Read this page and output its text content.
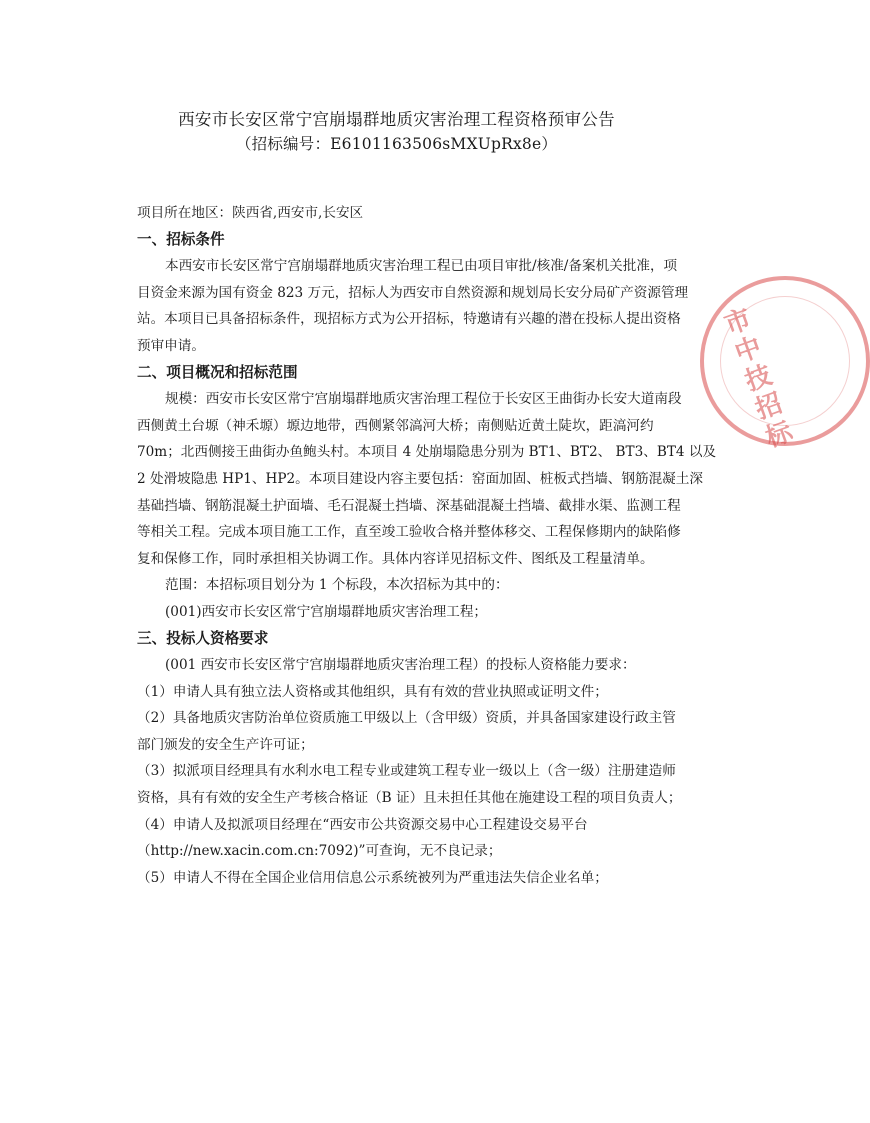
西安市长安区常宁宫崩塌群地质灾害治理工程资格预审公告
（招标编号：E6101163506sMXUpRx8e）
项目所在地区：陕西省,西安市,长安区
一、招标条件
本西安市长安区常宁宫崩塌群地质灾害治理工程已由项目审批/核准/备案机关批准，项
目资金来源为国有资金 823 万元，招标人为西安市自然资源和规划局长安分局矿产资源管理
站。本项目已具备招标条件，现招标方式为公开招标，特邀请有兴趣的潜在投标人提出资格
预审申请。
二、项目概况和招标范围
规模：西安市长安区常宁宫崩塌群地质灾害治理工程位于长安区王曲街办长安大道南段
西侧黄土台塬（神禾塬）塬边地带，西侧紧邻滈河大桥；南侧贴近黄土陡坎，距滈河约
70m；北西侧接王曲街办鱼鲍头村。本项目 4 处崩塌隐患分别为 BT1、BT2、 BT3、BT4 以及
2 处滑坡隐患 HP1、HP2。本项目建设内容主要包括：窑面加固、桩板式挡墙、钢筋混凝土深
基础挡墙、钢筋混凝土护面墙、毛石混凝土挡墙、深基础混凝土挡墙、截排水渠、监测工程
等相关工程。完成本项目施工工作，直至竣工验收合格并整体移交、工程保修期内的缺陷修
复和保修工作，同时承担相关协调工作。具体内容详见招标文件、图纸及工程量清单。
范围：本招标项目划分为 1 个标段，本次招标为其中的：
(001)西安市长安区常宁宫崩塌群地质灾害治理工程；
三、投标人资格要求
(001 西安市长安区常宁宫崩塌群地质灾害治理工程）的投标人资格能力要求：
（1）申请人具有独立法人资格或其他组织，具有有效的营业执照或证明文件；
（2）具备地质灾害防治单位资质施工甲级以上（含甲级）资质，并具备国家建设行政主管
部门颁发的安全生产许可证；
（3）拟派项目经理具有水利水电工程专业或建筑工程专业一级以上（含一级）注册建造师
资格，具有有效的安全生产考核合格证（B 证）且未担任其他在施建设工程的项目负责人；
（4）申请人及拟派项目经理在“西安市公共资源交易中心工程建设交易平台
（http://new.xacin.com.cn:7092)”可查询，无不良记录；
（5）申请人不得在全国企业信用信息公示系统被列为严重违法失信企业名单；
市中技招标
